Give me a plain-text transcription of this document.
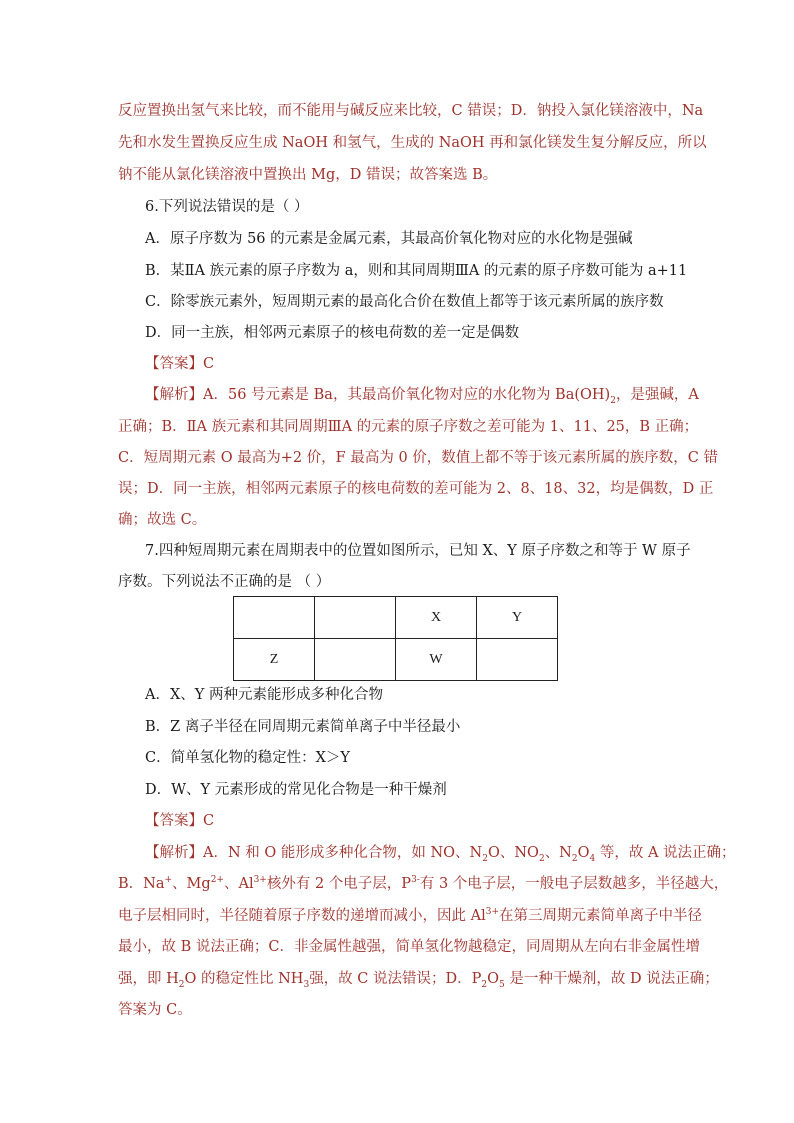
反应置换出氢气来比较，而不能用与碱反应来比较，C 错误；D．钠投入氯化镁溶液中，Na
先和水发生置换反应生成 NaOH 和氢气，生成的 NaOH 再和氯化镁发生复分解反应，所以
钠不能从氯化镁溶液中置换出 Mg，D 错误；故答案选 B。
6.下列说法错误的是（ ）
A．原子序数为 56 的元素是金属元素，其最高价氧化物对应的水化物是强碱
B．某ⅡA 族元素的原子序数为 a，则和其同周期ⅢA 的元素的原子序数可能为 a+11
C．除零族元素外，短周期元素的最高化合价在数值上都等于该元素所属的族序数
D．同一主族，相邻两元素原子的核电荷数的差一定是偶数
【答案】C
【解析】A．56 号元素是 Ba，其最高价氧化物对应的水化物为 $Ba(OH)_2$，是强碱，A
正确；B．ⅡA 族元素和其同周期ⅢA 的元素的原子序数之差可能为 1、11、25，B 正确；
C．短周期元素 O 最高为+2 价，F 最高为 0 价，数值上都不等于该元素所属的族序数，C 错
误；D．同一主族，相邻两元素原子的核电荷数的差可能为 2、8、18、32，均是偶数，D 正
确；故选 C。
7.四种短周期元素在周期表中的位置如图所示，已知 X、Y 原子序数之和等于 W 原子
序数。下列说法不正确的是 （ ）
		X	Y
Z		W	
A．X、Y 两种元素能形成多种化合物
B．Z 离子半径在同周期元素简单离子中半径最小
C．简单氢化物的稳定性：X＞Y
D．W、Y 元素形成的常见化合物是一种干燥剂
【答案】C
【解析】A．N 和 O 能形成多种化合物，如 NO、$N_2O$、$NO_2$、$N_2O_4$ 等，故 A 说法正确；
B．Na+、$Mg^{2+}$、$Al^{3+}$核外有 2 个电子层，$P^{3-}$有 3 个电子层，一般电子层数越多，半径越大，
电子层相同时，半径随着原子序数的递增而减小，因此 $Al^{3+}$在第三周期元素简单离子中半径
最小，故 B 说法正确；C．非金属性越强，简单氢化物越稳定，同周期从左向右非金属性增
强，即 $H_2O$ 的稳定性比 $NH_3$强，故 C 说法错误；D．$P_2O_5$ 是一种干燥剂，故 D 说法正确；
答案为 C。
